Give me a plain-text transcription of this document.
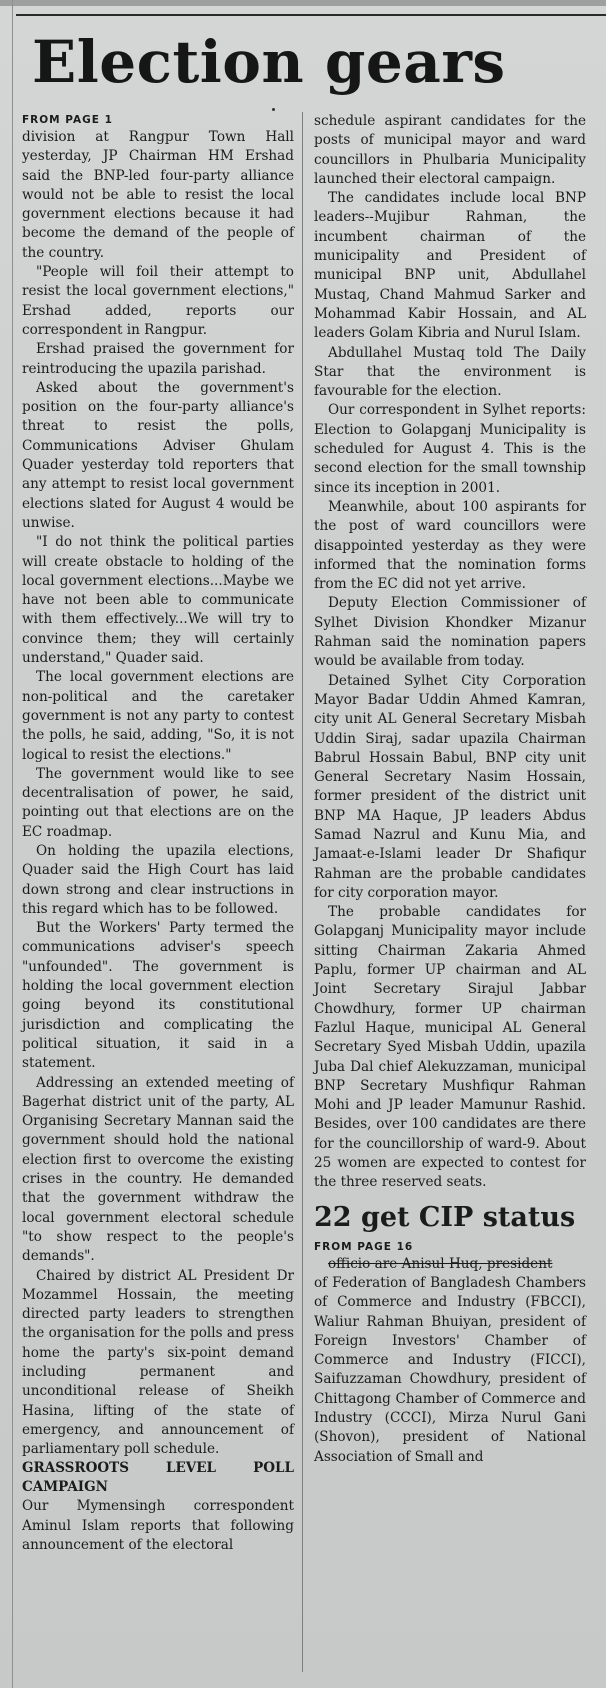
Election gears
FROM PAGE 1

division at Rangpur Town Hall yesterday, JP Chairman HM Ershad said the BNP-led four-party alliance would not be able to resist the local government elections because it had become the demand of the people of the country.

"People will foil their attempt to resist the local government elections," Ershad added, reports our correspondent in Rangpur.

Ershad praised the government for reintroducing the upazila parishad.

Asked about the government's position on the four-party alliance's threat to resist the polls, Communications Adviser Ghulam Quader yesterday told reporters that any attempt to resist local government elections slated for August 4 would be unwise.

"I do not think the political parties will create obstacle to holding of the local government elections...Maybe we have not been able to communicate with them effectively...We will try to convince them; they will certainly understand," Quader said.

The local government elections are non-political and the caretaker government is not any party to contest the polls, he said, adding, "So, it is not logical to resist the elections."

The government would like to see decentralisation of power, he said, pointing out that elections are on the EC roadmap.

On holding the upazila elections, Quader said the High Court has laid down strong and clear instructions in this regard which has to be followed.

But the Workers' Party termed the communications adviser's speech "unfounded". The government is holding the local government election going beyond its constitutional jurisdiction and complicating the political situation, it said in a statement.

Addressing an extended meeting of Bagerhat district unit of the party, AL Organising Secretary Mannan said the government should hold the national election first to overcome the existing crises in the country. He demanded that the government withdraw the local government electoral schedule "to show respect to the people's demands".

Chaired by district AL President Dr Mozammel Hossain, the meeting directed party leaders to strengthen the organisation for the polls and press home the party's six-point demand including permanent and unconditional release of Sheikh Hasina, lifting of the state of emergency, and announcement of parliamentary poll schedule.

GRASSROOTS LEVEL POLL CAMPAIGN

Our Mymensingh correspondent Aminul Islam reports that following announcement of the electoral

schedule aspirant candidates for the posts of municipal mayor and ward councillors in Phulbaria Municipality launched their electoral campaign.

The candidates include local BNP leaders--Mujibur Rahman, the incumbent chairman of the municipality and President of municipal BNP unit, Abdullahel Mustaq, Chand Mahmud Sarker and Mohammad Kabir Hossain, and AL leaders Golam Kibria and Nurul Islam.

Abdullahel Mustaq told The Daily Star that the environment is favourable for the election.

Our correspondent in Sylhet reports: Election to Golapganj Municipality is scheduled for August 4. This is the second election for the small township since its inception in 2001.

Meanwhile, about 100 aspirants for the post of ward councillors were disappointed yesterday as they were informed that the nomination forms from the EC did not yet arrive.

Deputy Election Commissioner of Sylhet Division Khondker Mizanur Rahman said the nomination papers would be available from today.

Detained Sylhet City Corporation Mayor Badar Uddin Ahmed Kamran, city unit AL General Secretary Misbah Uddin Siraj, sadar upazila Chairman Babrul Hossain Babul, BNP city unit General Secretary Nasim Hossain, former president of the district unit BNP MA Haque, JP leaders Abdus Samad Nazrul and Kunu Mia, and Jamaat-e-Islami leader Dr Shafiqur Rahman are the probable candidates for city corporation mayor.

The probable candidates for Golapganj Municipality mayor include sitting Chairman Zakaria Ahmed Paplu, former UP chairman and AL Joint Secretary Sirajul Jabbar Chowdhury, former UP chairman Fazlul Haque, municipal AL General Secretary Syed Misbah Uddin, upazila Juba Dal chief Alekuzzaman, municipal BNP Secretary Mushfiqur Rahman Mohi and JP leader Mamunur Rashid. Besides, over 100 candidates are there for the councillorship of ward-9. About 25 women are expected to contest for the three reserved seats.

22 get CIP status
FROM PAGE 16

officio are Anisul Huq, president

of Federation of Bangladesh Chambers of Commerce and Industry (FBCCI), Waliur Rahman Bhuiyan, president of Foreign Investors' Chamber of Commerce and Industry (FICCI), Saifuzzaman Chowdhury, president of Chittagong Chamber of Commerce and Industry (CCCI), Mirza Nurul Gani (Shovon), president of National Association of Small and
